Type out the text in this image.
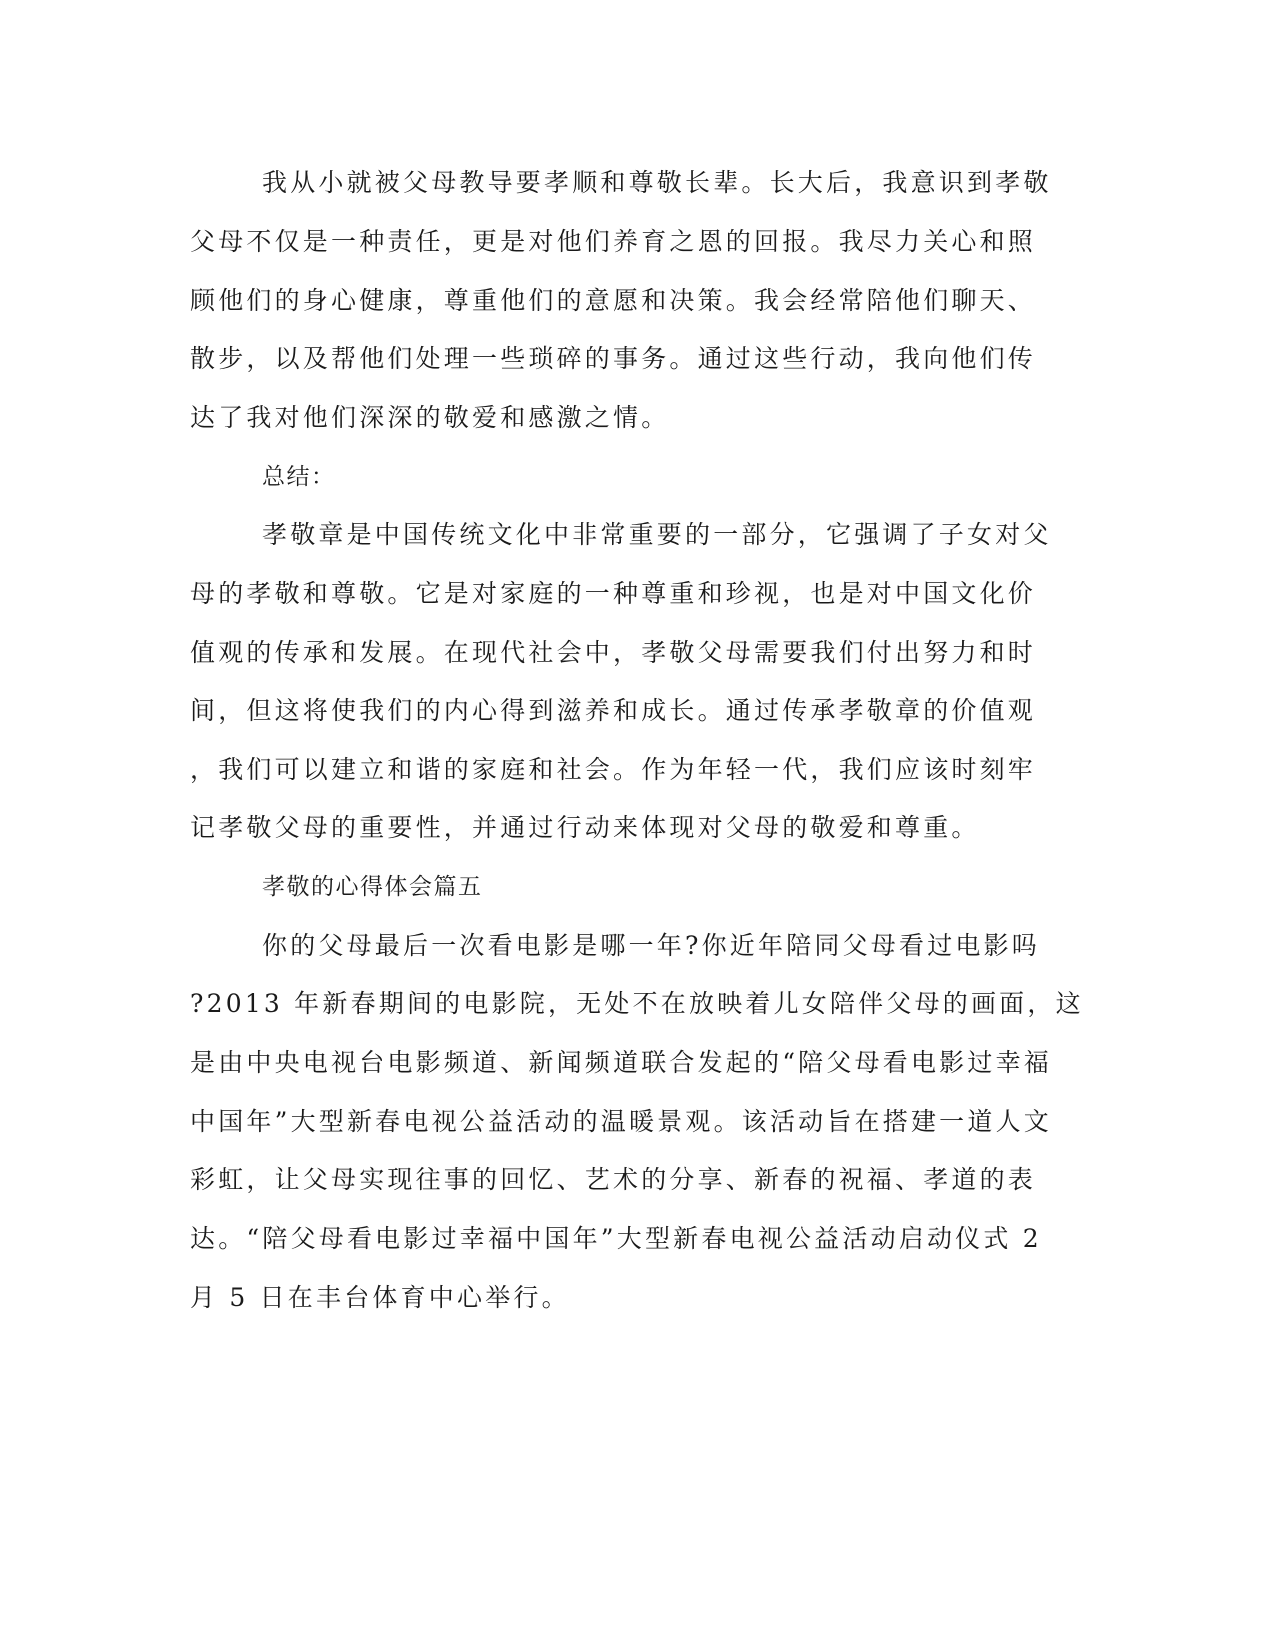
我从小就被父母教导要孝顺和尊敬长辈。长大后，我意识到孝敬
父母不仅是一种责任，更是对他们养育之恩的回报。我尽力关心和照
顾他们的身心健康，尊重他们的意愿和决策。我会经常陪他们聊天、
散步，以及帮他们处理一些琐碎的事务。通过这些行动，我向他们传
达了我对他们深深的敬爱和感激之情。
总结：
孝敬章是中国传统文化中非常重要的一部分，它强调了子女对父
母的孝敬和尊敬。它是对家庭的一种尊重和珍视，也是对中国文化价
值观的传承和发展。在现代社会中，孝敬父母需要我们付出努力和时
间，但这将使我们的内心得到滋养和成长。通过传承孝敬章的价值观
，我们可以建立和谐的家庭和社会。作为年轻一代，我们应该时刻牢
记孝敬父母的重要性，并通过行动来体现对父母的敬爱和尊重。
孝敬的心得体会篇五
你的父母最后一次看电影是哪一年?你近年陪同父母看过电影吗
?2013 年新春期间的电影院，无处不在放映着儿女陪伴父母的画面，这
是由中央电视台电影频道、新闻频道联合发起的“陪父母看电影过幸福
中国年”大型新春电视公益活动的温暖景观。该活动旨在搭建一道人文
彩虹，让父母实现往事的回忆、艺术的分享、新春的祝福、孝道的表
达。“陪父母看电影过幸福中国年”大型新春电视公益活动启动仪式 2
月 5 日在丰台体育中心举行。
